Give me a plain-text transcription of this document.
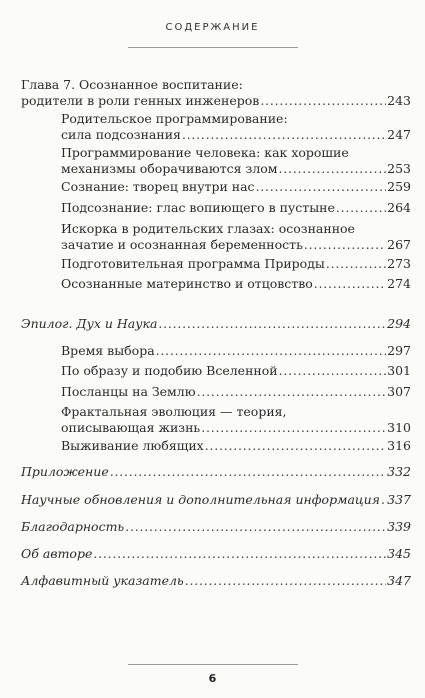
СОДЕРЖАНИЕ
Глава 7. Осознанное воспитание:
родители в роли генных инженеров . . .	243
Родительское программирование:
сила подсознания . . .	247
Программирование человека: как хорошие
механизмы оборачиваются злом . . .	253
Сознание: творец внутри нас . . .	259
Подсознание: глас вопиющего в пустыне . . .	264
Искорка в родительских глазах: осознанное
зачатие и осознанная беременность . . .	267
Подготовительная программа Природы . . .	273
Осознанные материнство и отцовство . . .	274
Эпилог. Дух и Наука . . .	294
Время выбора . . .	297
По образу и подобию Вселенной . . .	301
Посланцы на Землю . . .	307
Фрактальная эволюция — теория,
описывающая жизнь . . .	310
Выживание любящих . . .	316
Приложение . . .	332
Научные обновления и дополнительная информация . . . 337
Благодарность . . .	339
Об авторе . . .	345
Алфавитный указатель . . .	347
6
